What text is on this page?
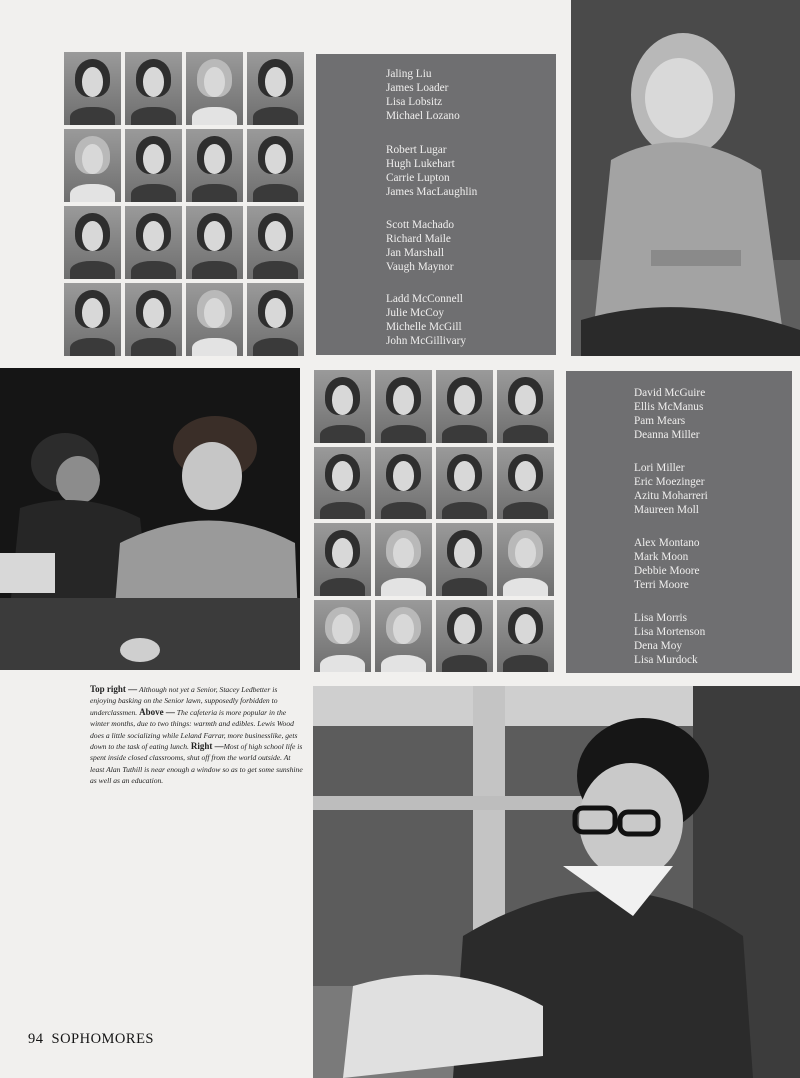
Jaling Liu
James Loader
Lisa Lobsitz
Michael Lozano
Robert Lugar
Hugh Lukehart
Carrie Lupton
James MacLaughlin
Scott Machado
Richard Maile
Jan Marshall
Vaugh Maynor
Ladd McConnell
Julie McCoy
Michelle McGill
John McGillivary
David McGuire
Ellis McManus
Pam Mears
Deanna Miller
Lori Miller
Eric Moezinger
Azitu Moharreri
Maureen Moll
Alex Montano
Mark Moon
Debbie Moore
Terri Moore
Lisa Morris
Lisa Mortenson
Dena Moy
Lisa Murdock
Top right — Although not yet a Senior, Stacey Ledbetter is enjoying basking on the Senior lawn, supposedly forbidden to underclassmen. Above — The cafeteria is more popular in the winter months, due to two things: warmth and edibles. Lewis Wood does a little socializing while Leland Farrar, more businesslike, gets down to the task of eating lunch. Right —Most of high school life is spent inside closed classrooms, shut off from the world outside. At least Alan Tuthill is near enough a window so as to get some sunshine as well as an education.
94 SOPHOMORES
